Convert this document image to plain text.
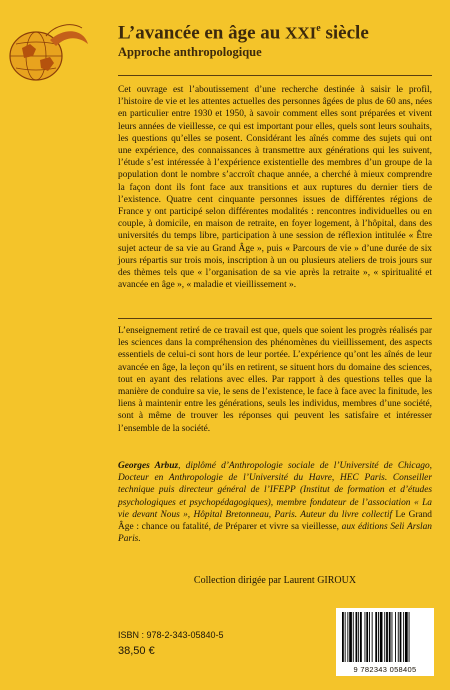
L’avancée en âge au XXIe siècle
Approche anthropologique
Cet ouvrage est l’aboutissement d’une recherche destinée à saisir le profil, l’histoire de vie et les attentes actuelles des personnes âgées de plus de 60 ans, nées en particulier entre 1930 et 1950, à savoir comment elles sont préparées et vivent leurs années de vieillesse, ce qui est important pour elles, quels sont leurs souhaits, les questions qu’elles se posent. Considérant les aînés comme des sujets qui ont une expérience, des connaissances à transmettre aux générations qui les suivent, l’étude s’est intéressée à l’expérience existentielle des membres d’un groupe de la population dont le nombre s’accroît chaque année, a cherché à mieux comprendre la façon dont ils font face aux transitions et aux ruptures du dernier tiers de l’existence. Quatre cent cinquante personnes issues de différentes régions de France y ont participé selon différentes modalités : rencontres individuelles ou en couple, à domicile, en maison de retraite, en foyer logement, à l’hôpital, dans des universités du temps libre, participation à une session de réflexion intitulée « Être sujet acteur de sa vie au Grand Âge », puis « Parcours de vie » d’une durée de six jours répartis sur trois mois, inscription à un ou plusieurs ateliers de trois jours sur des thèmes tels que « l’organisation de sa vie après la retraite », « spiritualité et avancée en âge », « maladie et vieillissement ».
L’enseignement retiré de ce travail est que, quels que soient les progrès réalisés par les sciences dans la compréhension des phénomènes du vieillissement, des aspects essentiels de celui-ci sont hors de leur portée. L’expérience qu’ont les aînés de leur avancée en âge, la leçon qu’ils en retirent, se situent hors du domaine des sciences, tout en ayant des relations avec elles. Par rapport à des questions telles que la manière de conduire sa vie, le sens de l’existence, le face à face avec la finitude, les liens à maintenir entre les générations, seuls les individus, membres d’une société, sont à même de trouver les réponses qui peuvent les satisfaire et intéresser l’ensemble de la société.
Georges Arbuz, diplômé d’Anthropologie sociale de l’Université de Chicago, Docteur en Anthropologie de l’Université du Havre, HEC Paris. Conseiller technique puis directeur général de l’IFEPP (Institut de formation et d’études psychologiques et psychopédagogiques), membre fondateur de l’association « La vie devant Nous », Hôpital Bretonneau, Paris. Auteur du livre collectif Le Grand Âge : chance ou fatalité, de Préparer et vivre sa vieillesse, aux éditions Seli Arslan Paris.
Collection dirigée par Laurent GIROUX
ISBN : 978-2-343-05840-5
38,50 €
9 782343 058405
